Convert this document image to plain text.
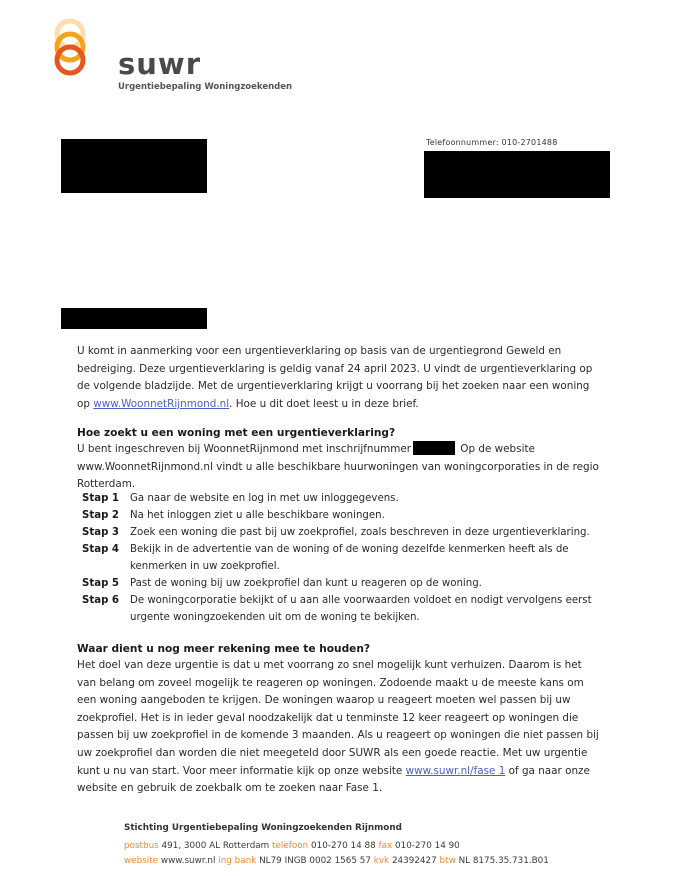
suwr
Urgentiebepaling Woningzoekenden
Telefoonnummer: 010-2701488
U komt in aanmerking voor een urgentieverklaring op basis van de urgentiegrond Geweld en bedreiging. Deze urgentieverklaring is geldig vanaf 24 april 2023. U vindt de urgentieverklaring op de volgende bladzijde. Met de urgentieverklaring krijgt u voorrang bij het zoeken naar een woning op www.WoonnetRijnmond.nl. Hoe u dit doet leest u in deze brief.
Hoe zoekt u een woning met een urgentieverklaring?
U bent ingeschreven bij WoonnetRijnmond met inschrijfnummer	Op de website www.WoonnetRijnmond.nl vindt u alle beschikbare huurwoningen van woningcorporaties in de regio Rotterdam.
Stap 1	Ga naar de website en log in met uw inloggegevens.
Stap 2	Na het inloggen ziet u alle beschikbare woningen.
Stap 3	Zoek een woning die past bij uw zoekprofiel, zoals beschreven in deze urgentieverklaring.
Stap 4	Bekijk in de advertentie van de woning of de woning dezelfde kenmerken heeft als de kenmerken in uw zoekprofiel.
Stap 5	Past de woning bij uw zoekprofiel dan kunt u reageren op de woning.
Stap 6	De woningcorporatie bekijkt of u aan alle voorwaarden voldoet en nodigt vervolgens eerst urgente woningzoekenden uit om de woning te bekijken.
Waar dient u nog meer rekening mee te houden?
Het doel van deze urgentie is dat u met voorrang zo snel mogelijk kunt verhuizen. Daarom is het van belang om zoveel mogelijk te reageren op woningen. Zodoende maakt u de meeste kans om een woning aangeboden te krijgen. De woningen waarop u reageert moeten wel passen bij uw zoekprofiel. Het is in ieder geval noodzakelijk dat u tenminste 12 keer reageert op woningen die passen bij uw zoekprofiel in de komende 3 maanden. Als u reageert op woningen die niet passen bij uw zoekprofiel dan worden die niet meegeteld door SUWR als een goede reactie. Met uw urgentie kunt u nu van start. Voor meer informatie kijk op onze website www.suwr.nl/fase 1 of ga naar onze website en gebruik de zoekbalk om te zoeken naar Fase 1.
Stichting Urgentiebepaling Woningzoekenden Rijnmond
postbus 491, 3000 AL Rotterdam telefoon 010-270 14 88 fax 010-270 14 90
website www.suwr.nl ing bank NL79 INGB 0002 1565 57 kvk 24392427 btw NL 8175.35.731.B01
